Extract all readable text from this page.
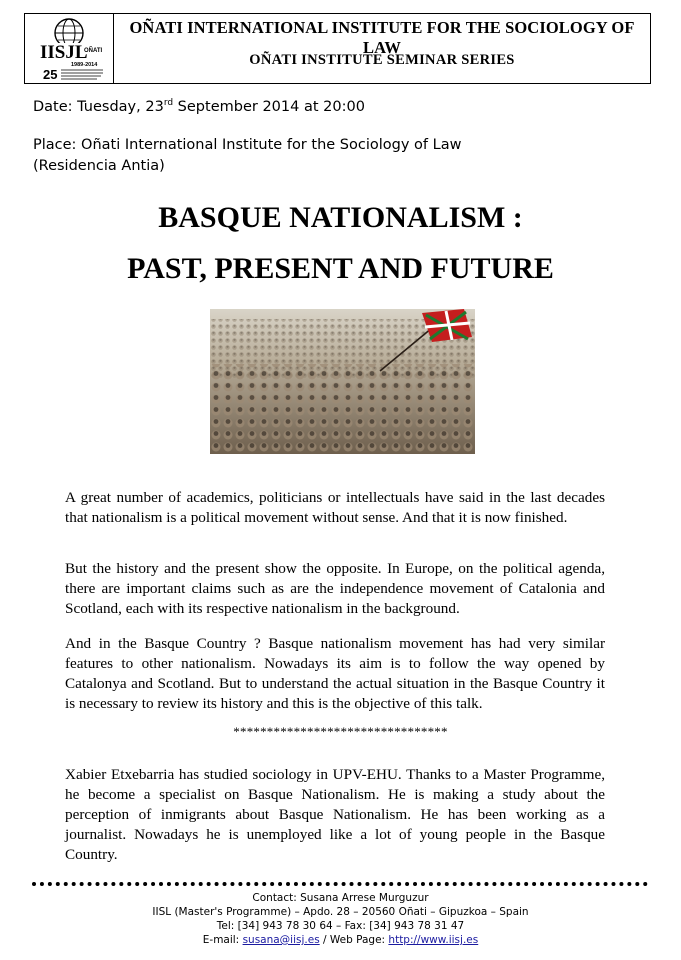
IISJL
OÑATI
1989-2014
25
OÑATI INTERNATIONAL INSTITUTE FOR THE SOCIOLOGY OF LAW
OÑATI INSTITUTE SEMINAR SERIES
Date: Tuesday, 23rd September 2014 at 20:00
Place: Oñati International Institute for the Sociology of Law
(Residencia Antia)
BASQUE NATIONALISM :
PAST, PRESENT AND FUTURE
A great number of academics, politicians or intellectuals have said in the last decades that nationalism is a political movement without sense. And that it is now finished.
But the history and the present show the opposite. In Europe, on the political agenda, there are important claims such as are the independence movement of Catalonia and Scotland, each with its respective nationalism in the background.
And in the Basque Country ? Basque nationalism movement has had very similar features to other nationalism. Nowadays its aim is to follow the way opened by Catalonya and Scotland. But to understand the actual situation in the Basque Country it is necessary to review its history and this is the objective of this talk.
********************************
Xabier Etxebarria has studied sociology in UPV-EHU. Thanks to a Master Programme, he become a specialist on Basque Nationalism. He is making a study about the perception of inmigrants about Basque Nationalism. He has been working as a journalist. Nowadays he is unemployed like a lot of young people in the Basque Country.
Contact: Susana Arrese Murguzur
IISL (Master's Programme) – Apdo. 28 – 20560 Oñati – Gipuzkoa – Spain
Tel: [34] 943 78 30 64 – Fax: [34] 943 78 31 47
E-mail: susana@iisj.es / Web Page: http://www.iisj.es
